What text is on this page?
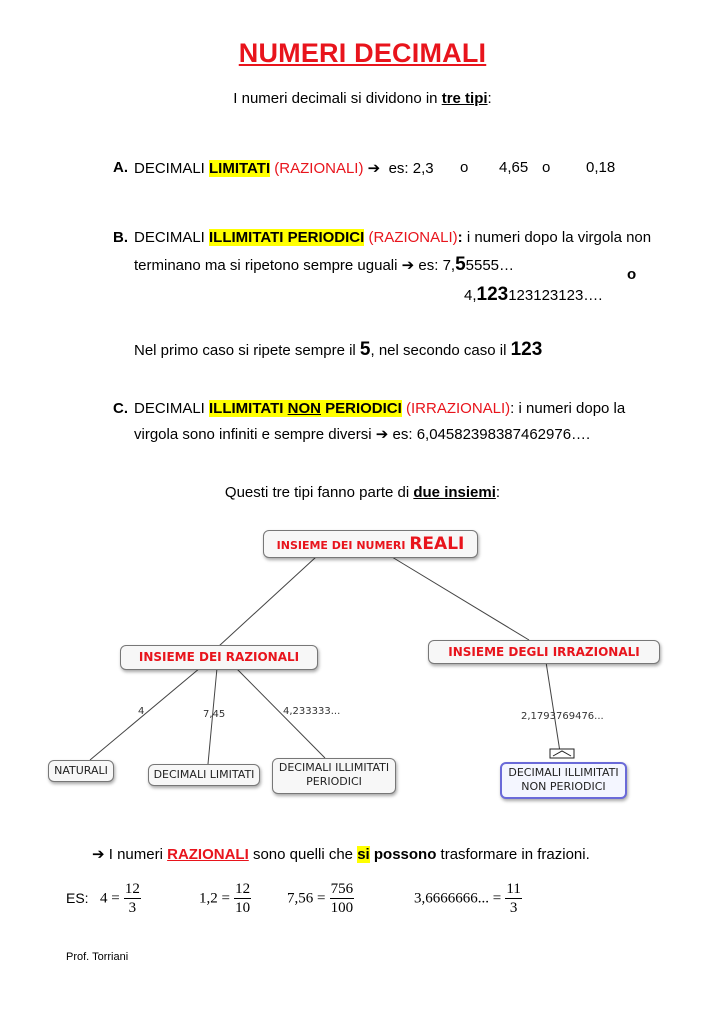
NUMERI DECIMALI
I numeri decimali si dividono in tre tipi:
A. DECIMALI LIMITATI (RAZIONALI) ➔ es: 2,3 o 4,65 o 0,18
B. DECIMALI ILLIMITATI PERIODICI (RAZIONALI): i numeri dopo la virgola non
terminano ma si ripetono sempre uguali ➔ es: 7,55555…
o
4,123123123123….
Nel primo caso si ripete sempre il 5, nel secondo caso il 123
C. DECIMALI ILLIMITATI NON PERIODICI (IRRAZIONALI): i numeri dopo la
virgola sono infiniti e sempre diversi ➔ es: 6,04582398387462976….
Questi tre tipi fanno parte di due insiemi:
INSIEME DEI NUMERI REALI
INSIEME DEI RAZIONALI	INSIEME DEGLI IRRAZIONALI
4	7,45	4,233333...	2,1793769476...
NATURALI	DECIMALI LIMITATI
DECIMALI ILLIMITATI
PERIODICI
DECIMALI ILLIMITATI
NON PERIODICI
➔ I numeri RAZIONALI sono quelli che si possono trasformare in frazioni.
ES: $4 = \frac{12}{3}$	$1,2 = \frac{12}{10} 7,56 = \frac{756}{100}$	3,6666666... = $\frac{11}{3}$
Prof. Torriani
